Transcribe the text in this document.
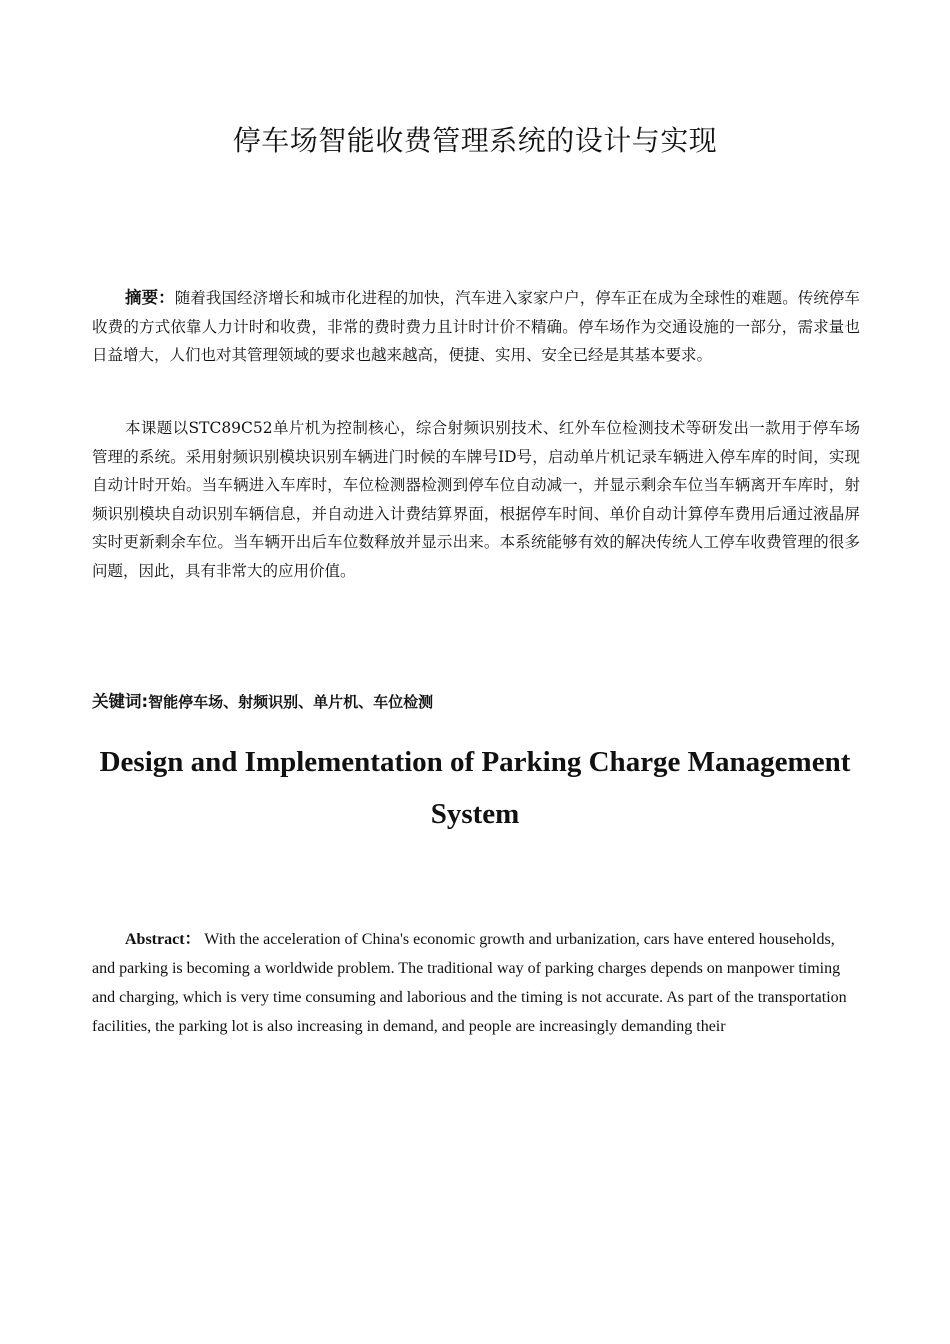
停车场智能收费管理系统的设计与实现

摘要：随着我国经济增长和城市化进程的加快，汽车进入家家户户，停车正在成为全球性的难题。传统停车收费的方式依靠人力计时和收费，非常的费时费力且计时计价不精确。停车场作为交通设施的一部分，需求量也日益增大，人们也对其管理领域的要求也越来越高，便捷、实用、安全已经是其基本要求。

本课题以STC89C52单片机为控制核心，综合射频识别技术、红外车位检测技术等研发出一款用于停车场管理的系统。采用射频识别模块识别车辆进门时候的车牌号ID号，启动单片机记录车辆进入停车库的时间，实现自动计时开始。当车辆进入车库时，车位检测器检测到停车位自动减一，并显示剩余车位当车辆离开车库时，射频识别模块自动识别车辆信息，并自动进入计费结算界面，根据停车时间、单价自动计算停车费用后通过液晶屏实时更新剩余车位。当车辆开出后车位数释放并显示出来。本系统能够有效的解决传统人工停车收费管理的很多问题，因此，具有非常大的应用价值。

关键词:智能停车场、射频识别、单片机、车位检测

Design and Implementation of Parking Charge Management System

Abstract： With the acceleration of China's economic growth and urbanization, cars have entered households, and parking is becoming a worldwide problem. The traditional way of parking charges depends on manpower timing and charging, which is very time consuming and laborious and the timing is not accurate. As part of the transportation facilities, the parking lot is also increasing in demand, and people are increasingly demanding their
